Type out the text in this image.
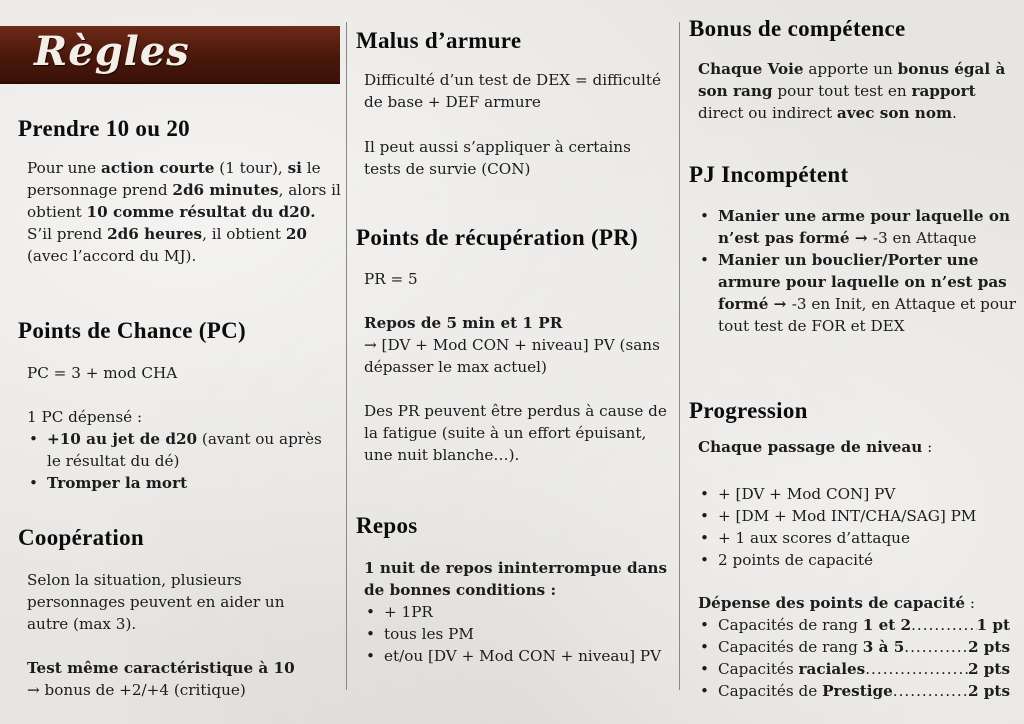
Règles
Prendre 10 ou 20

Pour une action courte (1 tour), si le personnage prend 2d6 minutes, alors il obtient 10 comme résultat du d20.
S’il prend 2d6 heures, il obtient 20 (avec l’accord du MJ).

Points de Chance (PC)

PC = 3 + mod CHA

1 PC dépensé :

• +10 au jet de d20 (avant ou après le résultat du dé)
• Tromper la mort
Coopération

Selon la situation, plusieurs personnages peuvent en aider un autre (max 3).

Test même caractéristique à 10
→ bonus de +2/+4 (critique)

Malus d’armure

Difficulté d’un test de DEX = difficulté de base + DEF armure

Il peut aussi s’appliquer à certains tests de survie (CON)

Points de récupération (PR)

PR = 5

Repos de 5 min et 1 PR
→ [DV + Mod CON + niveau] PV (sans dépasser le max actuel)

Des PR peuvent être perdus à cause de la fatigue (suite à un effort épuisant, une nuit blanche…).

Repos

1 nuit de repos ininterrompue dans de bonnes conditions :

• + 1PR
• tous les PM
• et/ou [DV + Mod CON + niveau] PV
Bonus de compétence

Chaque Voie apporte un bonus égal à son rang pour tout test en rapport direct ou indirect avec son nom.

PJ Incompétent
• Manier une arme pour laquelle on n’est pas formé → -3 en Attaque
• Manier un bouclier/Porter une armure pour laquelle on n’est pas formé → -3 en Init, en Attaque et pour tout test de FOR et DEX
Progression

Chaque passage de niveau :

• + [DV + Mod CON] PV
• + [DM + Mod INT/CHA/SAG] PM
• + 1 aux scores d’attaque
• 2 points de capacité

Dépense des points de capacité :

• Capacités de rang 1 et 2 .....	1 pt
• Capacités de rang 3 à 5 .....	2 pts
• Capacités raciales .....	2 pts
• Capacités de Prestige .....	2 pts
